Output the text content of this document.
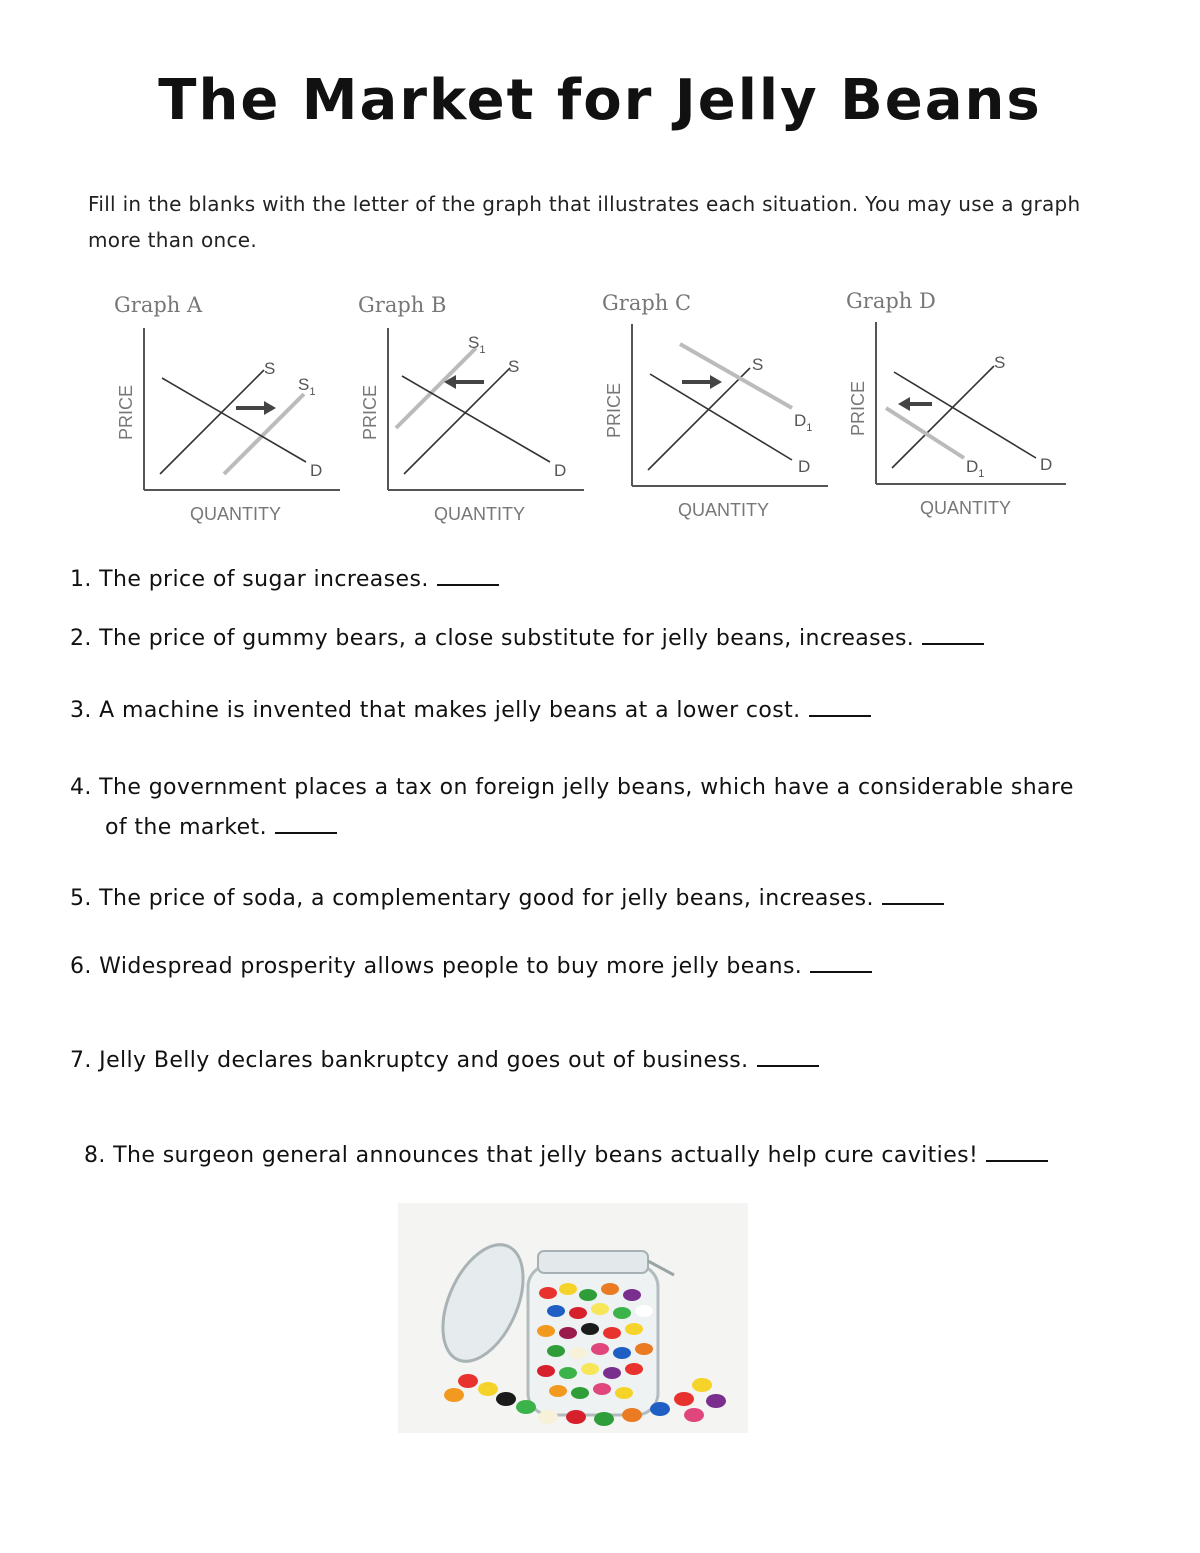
The Market for Jelly Beans
Fill in the blanks with the letter of the graph that illustrates each situation. You may use a graph more than once.
Graph A
PRICE
QUANTITY
S
$S_1$
D
Graph B
PRICE
QUANTITY
S
$S_1$
D
Graph C
PRICE
QUANTITY
S
$D_1$
D
Graph D
PRICE
QUANTITY
S
$D_1$	D
1. The price of sugar increases.
2. The price of gummy bears, a close substitute for jelly beans, increases.
3. A machine is invented that makes jelly beans at a lower cost.
4. The government places a tax on foreign jelly beans, which have a considerable share
of the market.
5. The price of soda, a complementary good for jelly beans, increases.
6. Widespread prosperity allows people to buy more jelly beans.
7. Jelly Belly declares bankruptcy and goes out of business.
8. The surgeon general announces that jelly beans actually help cure cavities!
